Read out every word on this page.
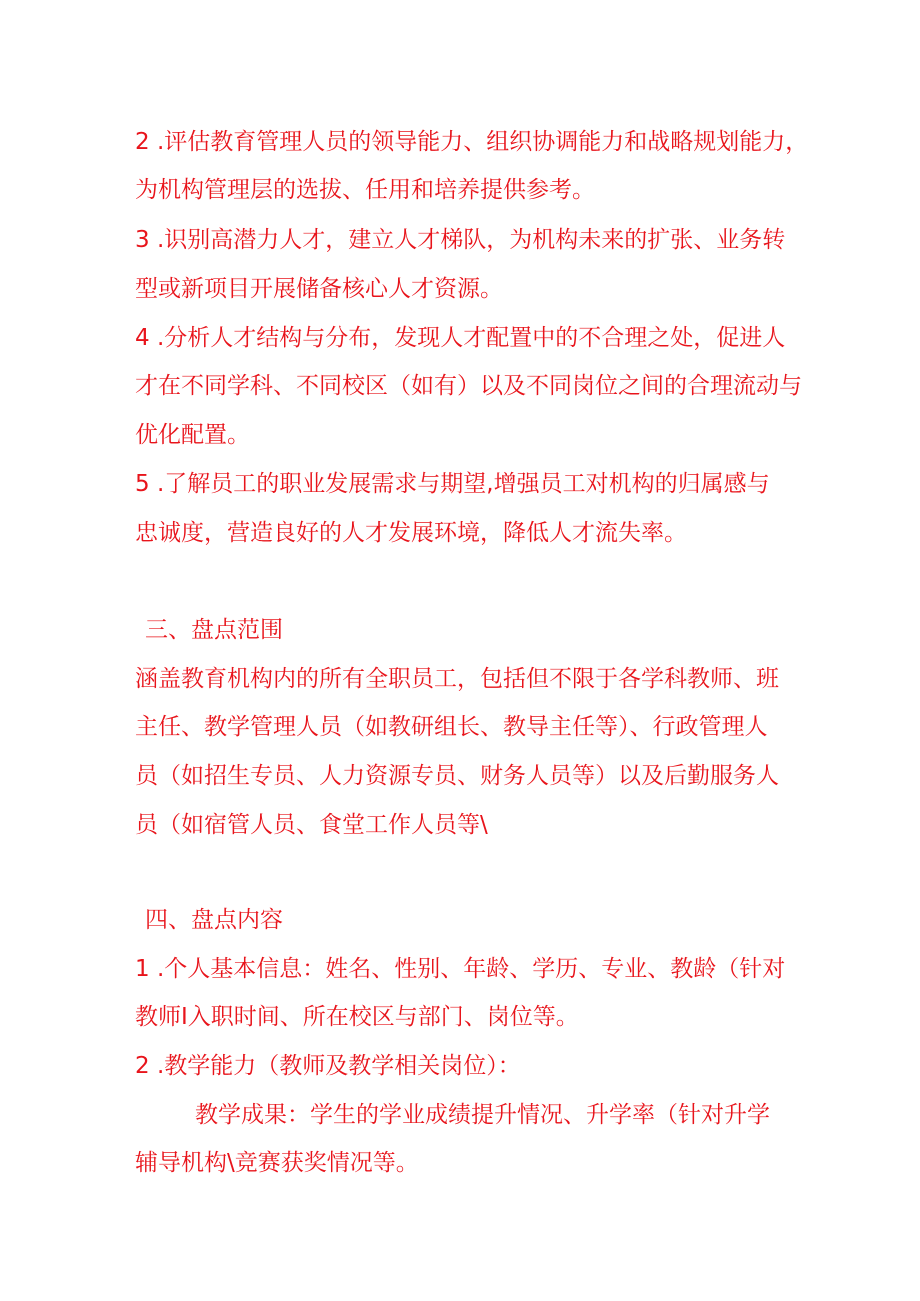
2 .评估教育管理人员的领导能力、组织协调能力和战略规划能力，
为机构管理层的选拔、任用和培养提供参考。
3 .识别高潜力人才，建立人才梯队，为机构未来的扩张、业务转
型或新项目开展储备核心人才资源。
4 .分析人才结构与分布，发现人才配置中的不合理之处，促进人
才在不同学科、不同校区（如有）以及不同岗位之间的合理流动与
优化配置。
5 .了解员工的职业发展需求与期望,增强员工对机构的归属感与
忠诚度，营造良好的人才发展环境，降低人才流失率。
三、盘点范围
涵盖教育机构内的所有全职员工，包括但不限于各学科教师、班
主任、教学管理人员（如教研组长、教导主任等）、行政管理人
员（如招生专员、人力资源专员、财务人员等）以及后勤服务人
员（如宿管人员、食堂工作人员等\
四、盘点内容
1 .个人基本信息：姓名、性别、年龄、学历、专业、教龄（针对
教师I入职时间、所在校区与部门、岗位等。
2 .教学能力（教师及教学相关岗位）：
教学成果：学生的学业成绩提升情况、升学率（针对升学
辅导机构\竞赛获奖情况等。
